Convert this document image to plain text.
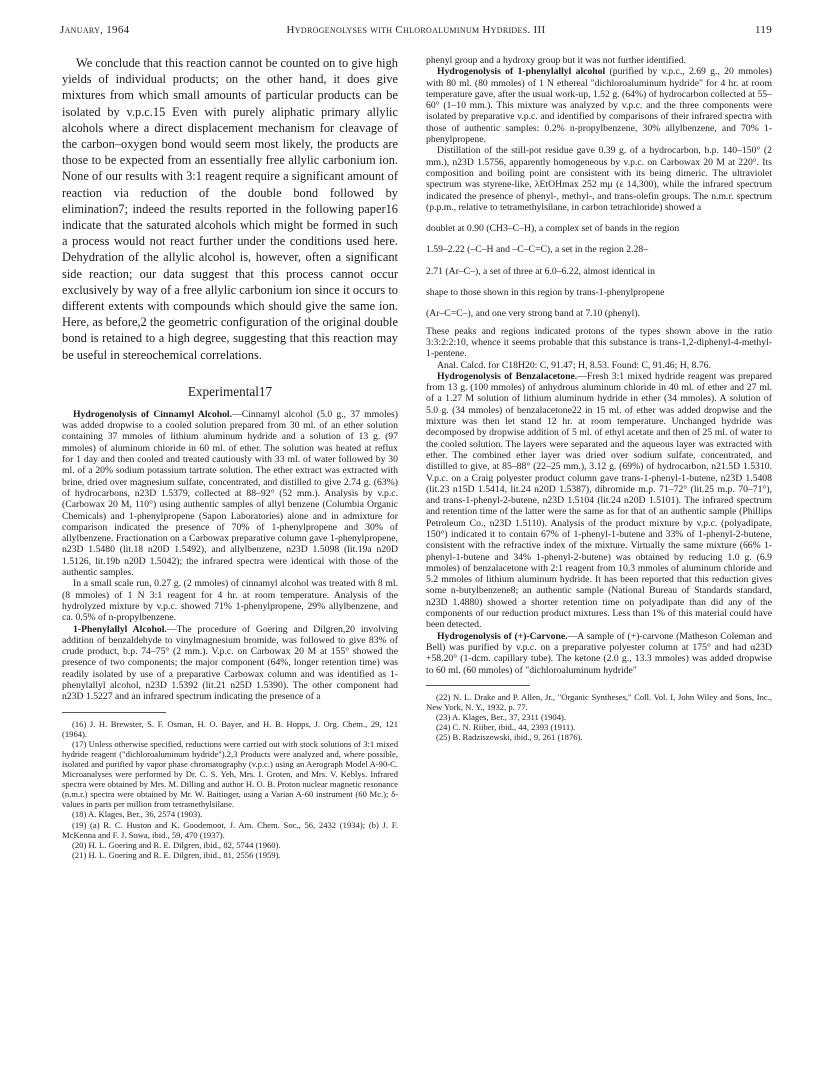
January, 1964	Hydrogenolyses with Chloroaluminum Hydrides. III	119

We conclude that this reaction cannot be counted on to give high yields of individual products; on the other hand, it does give mixtures from which small amounts of particular products can be isolated by v.p.c.15 Even with purely aliphatic primary allylic alcohols where a direct displacement mechanism for cleavage of the carbon–oxygen bond would seem most likely, the products are those to be expected from an essentially free allylic carbonium ion. None of our results with 3:1 reagent require a significant amount of reaction via reduction of the double bond followed by elimination7; indeed the results reported in the following paper16 indicate that the saturated alcohols which might be formed in such a process would not react further under the conditions used here. Dehydration of the allylic alcohol is, however, often a significant side reaction; our data suggest that this process cannot occur exclusively by way of a free allylic carbonium ion since it occurs to different extents with compounds which should give the same ion. Here, as before,2 the geometric configuration of the original double bond is retained to a high degree, suggesting that this reaction may be useful in stereochemical correlations.

Experimental17

Hydrogenolysis of Cinnamyl Alcohol.—Cinnamyl alcohol (5.0 g., 37 mmoles) was added dropwise to a cooled solution prepared from 30 ml. of an ether solution containing 37 mmoles of lithium aluminum hydride and a solution of 13 g. (97 mmoles) of aluminum chloride in 60 ml. of ether. The solution was heated at reflux for 1 day and then cooled and treated cautiously with 33 ml. of water followed by 30 ml. of a 20% sodium potassium tartrate solution. The ether extract was extracted with brine, dried over magnesium sulfate, concentrated, and distilled to give 2.74 g. (63%) of hydrocarbons, n23D 1.5379, collected at 88–92° (52 mm.). Analysis by v.p.c. (Carbowax 20 M, 110°) using authentic samples of allyl benzene (Columbia Organic Chemicals) and 1-phenylpropene (Sapon Laboratories) alone and in admixture for comparison indicated the presence of 70% of 1-phenylpropene and 30% of allylbenzene. Fractionation on a Carbowax preparative column gave 1-phenylpropene, n23D 1.5480 (lit.18 n20D 1.5492), and allylbenzene, n23D 1.5098 (lit.19a n20D 1.5126, lit.19b n20D 1.5042); the infrared spectra were identical with those of the authentic samples.

In a small scale run, 0.27 g. (2 mmoles) of cinnamyl alcohol was treated with 8 ml. (8 mmoles) of 1 N 3:1 reagent for 4 hr. at room temperature. Analysis of the hydrolyzed mixture by v.p.c. showed 71% 1-phenylpropene, 29% allylbenzene, and ca. 0.5% of n-propylbenzene.

1-Phenylallyl Alcohol.—The procedure of Goering and Dilgren,20 involving addition of benzaldehyde to vinylmagnesium bromide, was followed to give 83% of crude product, b.p. 74–75° (2 mm.). V.p.c. on Carbowax 20 M at 155° showed the presence of two components; the major component (64%, longer retention time) was readily isolated by use of a preparative Carbowax column and was identified as 1-phenylallyl alcohol, n23D 1.5392 (lit.21 n25D 1.5390). The other component had n23D 1.5227 and an infrared spectrum indicating the presence of a

(16) J. H. Brewster, S. F. Osman, H. O. Bayer, and H. B. Hopps, J. Org. Chem., 29, 121 (1964).

(17) Unless otherwise specified, reductions were carried out with stock solutions of 3:1 mixed hydride reagent ("dichloroaluminum hydride").2,3 Products were analyzed and, where possible, isolated and purified by vapor phase chromatography (v.p.c.) using an Aerograph Model A-90-C. Microanalyses were performed by Dr. C. S. Yeh, Mrs. I. Groten, and Mrs. V. Keblys. Infrared spectra were obtained by Mrs. M. Dilling and author H. O. B. Proton nuclear magnetic resonance (n.m.r.) spectra were obtained by Mr. W. Baitinger, using a Varian A-60 instrument (60 Mc.); δ-values in parts per million from tetramethylsilane.

(18) A. Klages, Ber., 36, 2574 (1903).

(19) (a) R. C. Huston and K. Goodemoot, J. Am. Chem. Soc., 56, 2432 (1934); (b) J. F. McKenna and F. J. Sowa, ibid., 59, 470 (1937).

(20) H. L. Goering and R. E. Dilgren, ibid., 82, 5744 (1960).

(21) H. L. Goering and R. E. Dilgren, ibid., 81, 2556 (1959).

phenyl group and a hydroxy group but it was not further identified.

Hydrogenolysis of 1-phenylallyl alcohol (purified by v.p.c., 2.69 g., 20 mmoles) with 80 ml. (80 mmoles) of 1 N ethereal "dichloroaluminum hydride" for 4 hr. at room temperature gave, after the usual work-up, 1.52 g. (64%) of hydrocarbon collected at 55–60° (1–10 mm.). This mixture was analyzed by v.p.c. and the three components were isolated by preparative v.p.c. and identified by comparisons of their infrared spectra with those of authentic samples: 0.2% n-propylbenzene, 30% allylbenzene, and 70% 1-phenylpropene.

Distillation of the still-pot residue gave 0.39 g. of a hydrocarbon, b.p. 140–150° (2 mm.), n23D 1.5756, apparently homogeneous by v.p.c. on Carbowax 20 M at 220°. Its composition and boiling point are consistent with its being dimeric. The ultraviolet spectrum was styrene-like, λEtOHmax 252 mμ (ε 14,300), while the infrared spectrum indicated the presence of phenyl-, methyl-, and trans-olefin groups. The n.m.r. spectrum (p.p.m., relative to tetramethylsilane, in carbon tetrachloride) showed a

doublet at 0.90 (CH3–C–H), a complex set of bands in the region

1.59–2.22 (–C–H and –C–C=C), a set in the region 2.28–

2.71 (Ar–C–), a set of three at 6.0–6.22, almost identical in

shape to those shown in this region by trans-1-phenylpropene

(Ar–C=C–), and one very strong band at 7.10 (phenyl).

These peaks and regions indicated protons of the types shown above in the ratio 3:3:2:2:10, whence it seems probable that this substance is trans-1,2-diphenyl-4-methyl-1-pentene.

Anal. Calcd. for C18H20: C, 91.47; H, 8.53. Found: C, 91.46; H, 8.76.

Hydrogenolysis of Benzalacetone.—Fresh 3:1 mixed hydride reagent was prepared from 13 g. (100 mmoles) of anhydrous aluminum chloride in 40 ml. of ether and 27 ml. of a 1.27 M solution of lithium aluminum hydride in ether (34 mmoles). A solution of 5.0 g. (34 mmoles) of benzalacetone22 in 15 ml. of ether was added dropwise and the mixture was then let stand 12 hr. at room temperature. Unchanged hydride was decomposed by dropwise addition of 5 ml. of ethyl acetate and then of 25 ml. of water to the cooled solution. The layers were separated and the aqueous layer was extracted with ether. The combined ether layer was dried over sodium sulfate, concentrated, and distilled to give, at 85–88° (22–25 mm.), 3.12 g. (69%) of hydrocarbon, n21.5D 1.5310. V.p.c. on a Craig polyester product column gave trans-1-phenyl-1-butene, n23D 1.5408 (lit.23 n15D 1.5414, lit.24 n20D 1.5387), dibromide m.p. 71–72° (lit.25 m.p. 70–71°), and trans-1-phenyl-2-butene, n23D 1.5104 (lit.24 n20D 1.5101). The infrared spectrum and retention time of the latter were the same as for that of an authentic sample (Phillips Petroleum Co., n23D 1.5110). Analysis of the product mixture by v.p.c. (polyadipate, 150°) indicated it to contain 67% of 1-phenyl-1-butene and 33% of 1-phenyl-2-butene, consistent with the refractive index of the mixture. Virtually the same mixture (66% 1-phenyl-1-butene and 34% 1-phenyl-2-butene) was obtained by reducing 1.0 g. (6.9 mmoles) of benzalacetone with 2:1 reagent from 10.3 mmoles of aluminum chloride and 5.2 mmoles of lithium aluminum hydride. It has been reported that this reduction gives some n-butylbenzene8; an authentic sample (National Bureau of Standards standard, n23D 1.4880) showed a shorter retention time on polyadipate than did any of the components of our reduction product mixtures. Less than 1% of this material could have been detected.

Hydrogenolysis of (+)-Carvone.—A sample of (+)-carvone (Matheson Coleman and Bell) was purified by v.p.c. on a preparative polyester column at 175° and had α23D +58.20° (1-dcm. capillary tube). The ketone (2.0 g., 13.3 mmoles) was added dropwise to 60 ml. (60 mmoles) of "dichloroaluminum hydride"

(22) N. L. Drake and P. Allen, Jr., "Organic Syntheses," Coll. Vol. I, John Wiley and Sons, Inc., New York, N. Y., 1932, p. 77.

(23) A. Klages, Ber., 37, 2311 (1904).

(24) C. N. Riiber, ibid., 44, 2393 (1911).

(25) B. Radziszewski, ibid., 9, 261 (1876).
